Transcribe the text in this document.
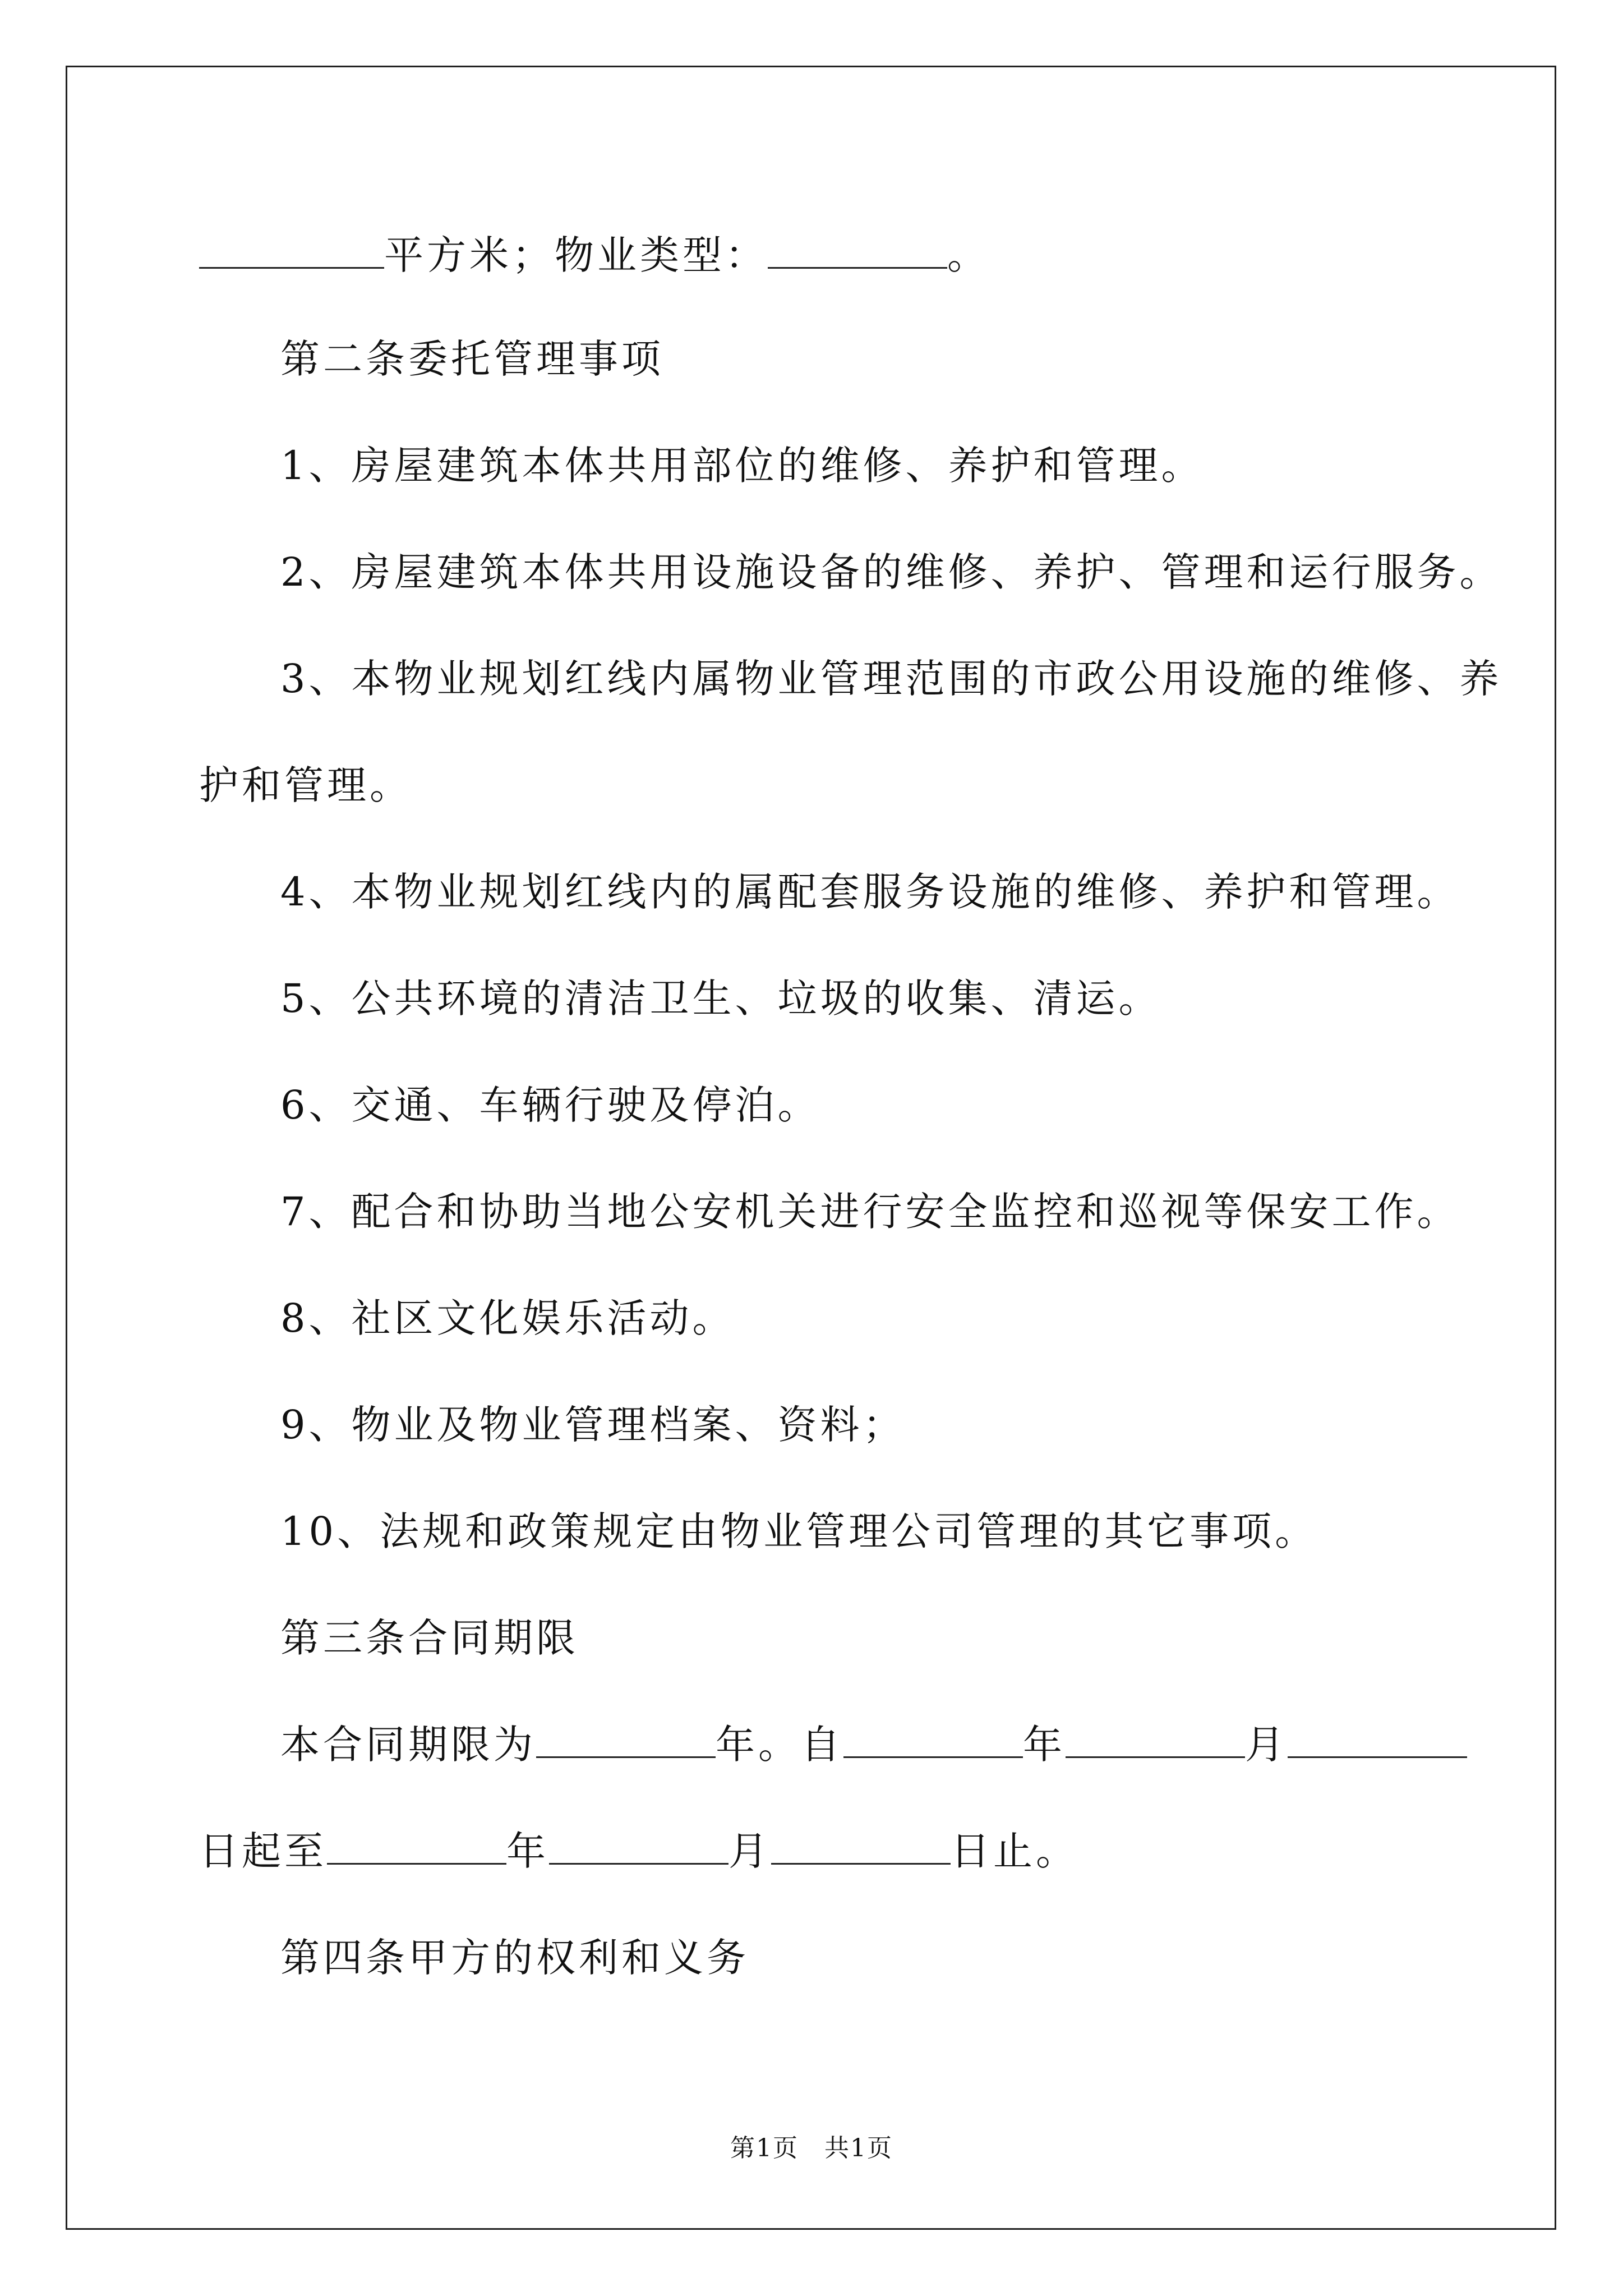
平方米；物业类型：	。
第二条委托管理事项
1、房屋建筑本体共用部位的维修、养护和管理。
2、房屋建筑本体共用设施设备的维修、养护、管理和运行服务。
3、本物业规划红线内属物业管理范围的市政公用设施的维修、养
护和管理。
4、本物业规划红线内的属配套服务设施的维修、养护和管理。
5、公共环境的清洁卫生、垃圾的收集、清运。
6、交通、车辆行驶及停泊。
7、配合和协助当地公安机关进行安全监控和巡视等保安工作。
8、社区文化娱乐活动。
9、物业及物业管理档案、资料；
10、法规和政策规定由物业管理公司管理的其它事项。
第三条合同期限
本合同期限为	年。自	年	月
日起至	年	月	日止。
第四条甲方的权利和义务
第1页　共1页
